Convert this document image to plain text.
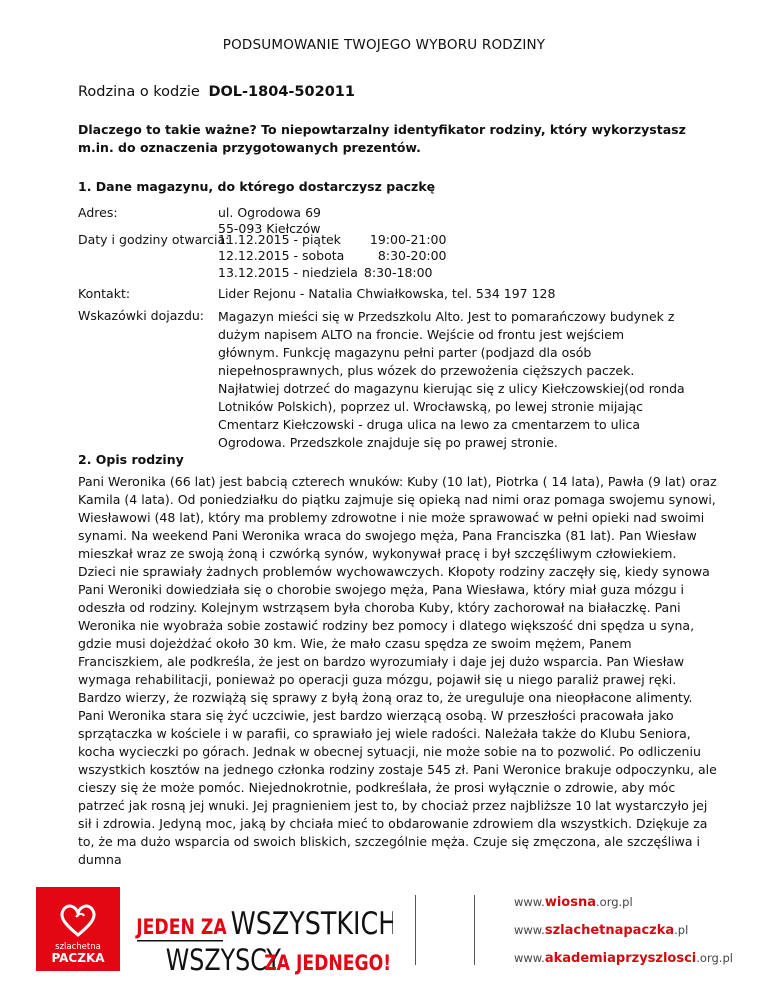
PODSUMOWANIE TWOJEGO WYBORU RODZINY
Rodzina o kodzie DOL-1804-502011
Dlaczego to takie ważne? To niepowtarzalny identyfikator rodziny, który wykorzystasz m.in. do oznaczenia przygotowanych prezentów.
1. Dane magazynu, do którego dostarczysz paczkę
Adres:	ul. Ogrodowa 69
55-093 Kiełczów
Daty i godziny otwarcia:
11.12.2015 - piątek	19:00-21:00
12.12.2015 - sobota	8:30-20:00
13.12.2015 - niedziela	8:30-18:00
Kontakt:	Lider Rejonu - Natalia Chwiałkowska, tel. 534 197 128
Wskazówki dojazdu: Magazyn mieści się w Przedszkolu Alto. Jest to pomarańczowy budynek z dużym napisem ALTO na froncie. Wejście od frontu jest wejściem głównym. Funkcję magazynu pełni parter (podjazd dla osób niepełnosprawnych, plus wózek do przewożenia cięższych paczek.

Najłatwiej dotrzeć do magazynu kierując się z ulicy Kiełczowskiej(od ronda Lotników Polskich), poprzez ul. Wrocławską, po lewej stronie mijając Cmentarz Kiełczowski - druga ulica na lewo za cmentarzem to ulica Ogrodowa. Przedszkole znajduje się po prawej stronie.

2. Opis rodziny

Pani Weronika (66 lat) jest babcią czterech wnuków: Kuby (10 lat), Piotrka ( 14 lata), Pawła (9 lat) oraz Kamila (4 lata). Od poniedziałku do piątku zajmuje się opieką nad nimi oraz pomaga swojemu synowi, Wiesławowi (48 lat), który ma problemy zdrowotne i nie może sprawować w pełni opieki nad swoimi synami. Na weekend Pani Weronika wraca do swojego męża, Pana Franciszka (81 lat). Pan Wiesław mieszkał wraz ze swoją żoną i czwórką synów, wykonywał pracę i był szczęśliwym człowiekiem.

Dzieci nie sprawiały żadnych problemów wychowawczych. Kłopoty rodziny zaczęły się, kiedy synowa Pani Weroniki dowiedziała się o chorobie swojego męża, Pana Wiesława, który miał guza mózgu i odeszła od rodziny. Kolejnym wstrząsem była choroba Kuby, który zachorował na białaczkę. Pani Weronika nie wyobraża sobie zostawić rodziny bez pomocy i dlatego większość dni spędza u syna, gdzie musi dojeżdżać około 30 km. Wie, że mało czasu spędza ze swoim mężem, Panem Franciszkiem, ale podkreśla, że jest on bardzo wyrozumiały i daje jej dużo wsparcia. Pan Wiesław wymaga rehabilitacji, ponieważ po operacji guza mózgu, pojawił się u niego paraliż prawej ręki. Bardzo wierzy, że rozwiążą się sprawy z byłą żoną oraz to, że ureguluje ona nieopłacone alimenty. Pani Weronika stara się żyć uczciwie, jest bardzo wierzącą osobą. W przeszłości pracowała jako sprzątaczka w kościele i w parafii, co sprawiało jej wiele radości. Należała także do Klubu Seniora, kocha wycieczki po górach. Jednak w obecnej sytuacji, nie może sobie na to pozwolić. Po odliczeniu wszystkich kosztów na jednego członka rodziny zostaje 545 zł. Pani Weronice brakuje odpoczynku, ale cieszy się że może pomóc. Niejednokrotnie, podkreślała, że prosi wyłącznie o zdrowie, aby móc patrzeć jak rosną jej wnuki. Jej pragnieniem jest to, by chociaż przez najbliższe 10 lat wystarczyło jej sił i zdrowia. Jedyną moc, jaką by chciała mieć to obdarowanie zdrowiem dla wszystkich. Dziękuje za to, że ma dużo wsparcia od swoich bliskich, szczególnie męża. Czuje się zmęczona, ale szczęśliwa i dumna

szlachetna
PACZKA
JEDEN ZA WSZYSTKICH
WSZYSCY
ZA JEDNEGO!
www.wiosna.org.pl
www.szlachetnapaczka.pl
www.akademiaprzyszlosci.org.pl
